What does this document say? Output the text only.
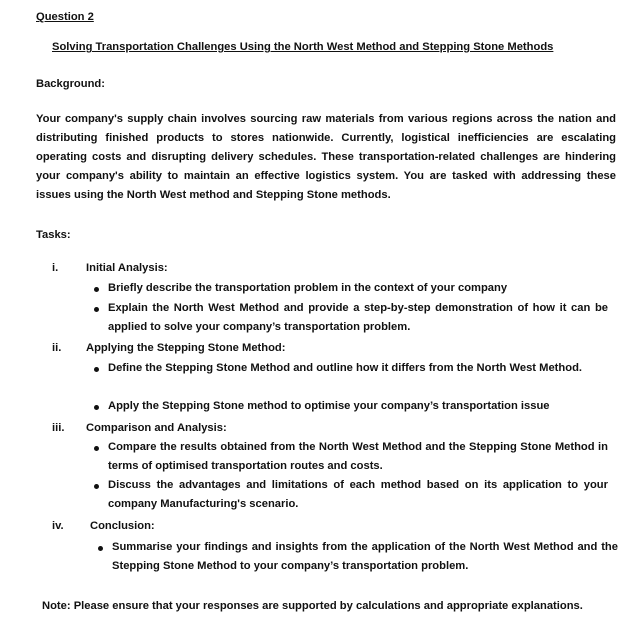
Question 2
Solving Transportation Challenges Using the North West Method and Stepping Stone Methods
Background:
Your company's supply chain involves sourcing raw materials from various regions across the nation and distributing finished products to stores nationwide. Currently, logistical inefficiencies are escalating operating costs and disrupting delivery schedules. These transportation-related challenges are hindering your company's ability to maintain an effective logistics system. You are tasked with addressing these issues using the North West method and Stepping Stone methods.
Tasks:
i. Initial Analysis:
Briefly describe the transportation problem in the context of your company
Explain the North West Method and provide a step-by-step demonstration of how it can be applied to solve your company’s transportation problem.
ii. Applying the Stepping Stone Method:
Define the Stepping Stone Method and outline how it differs from the North West Method.
Apply the Stepping Stone method to optimise your company’s transportation issue
iii. Comparison and Analysis:
Compare the results obtained from the North West Method and the Stepping Stone Method in terms of optimised transportation routes and costs.
Discuss the advantages and limitations of each method based on its application to your company Manufacturing's scenario.
iv. Conclusion:
Summarise your findings and insights from the application of the North West Method and the Stepping Stone Method to your company’s transportation problem.
Note: Please ensure that your responses are supported by calculations and appropriate explanations.
